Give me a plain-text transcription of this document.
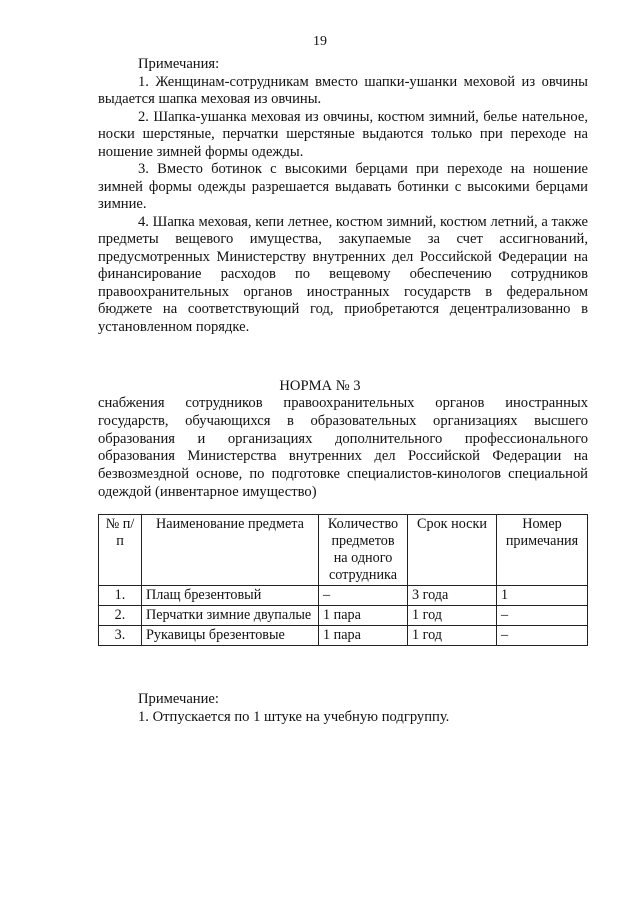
19

Примечания:

1. Женщинам-сотрудникам вместо шапки-ушанки меховой из овчины выдается шапка меховая из овчины.

2. Шапка-ушанка меховая из овчины, костюм зимний, белье нательное, носки шерстяные, перчатки шерстяные выдаются только при переходе на ношение зимней формы одежды.

3. Вместо ботинок с высокими берцами при переходе на ношение зимней формы одежды разрешается выдавать ботинки с высокими берцами зимние.

4. Шапка меховая, кепи летнее, костюм зимний, костюм летний, а также предметы вещевого имущества, закупаемые за счет ассигнований, предусмотренных Министерству внутренних дел Российской Федерации на финансирование расходов по вещевому обеспечению сотрудников правоохранительных органов иностранных государств в федеральном бюджете на соответствующий год, приобретаются децентрализованно в установленном порядке.

НОРМА № 3
снабжения сотрудников правоохранительных органов иностранных государств, обучающихся в образовательных организациях высшего образования и организациях дополнительного профессионального образования Министерства внутренних дел Российской Федерации на безвозмездной основе, по подготовке специалистов-кинологов специальной одеждой (инвентарное имущество)
№ п/п	Наименование предмета	Количество предметов на одного сотрудника	Срок носки	Номер примечания
1.	Плащ брезентовый	–	3 года	1
2.	Перчатки зимние двупалые	1 пара	1 год	–
3.	Рукавицы брезентовые	1 пара	1 год	–

Примечание:

1. Отпускается по 1 штуке на учебную подгруппу.
